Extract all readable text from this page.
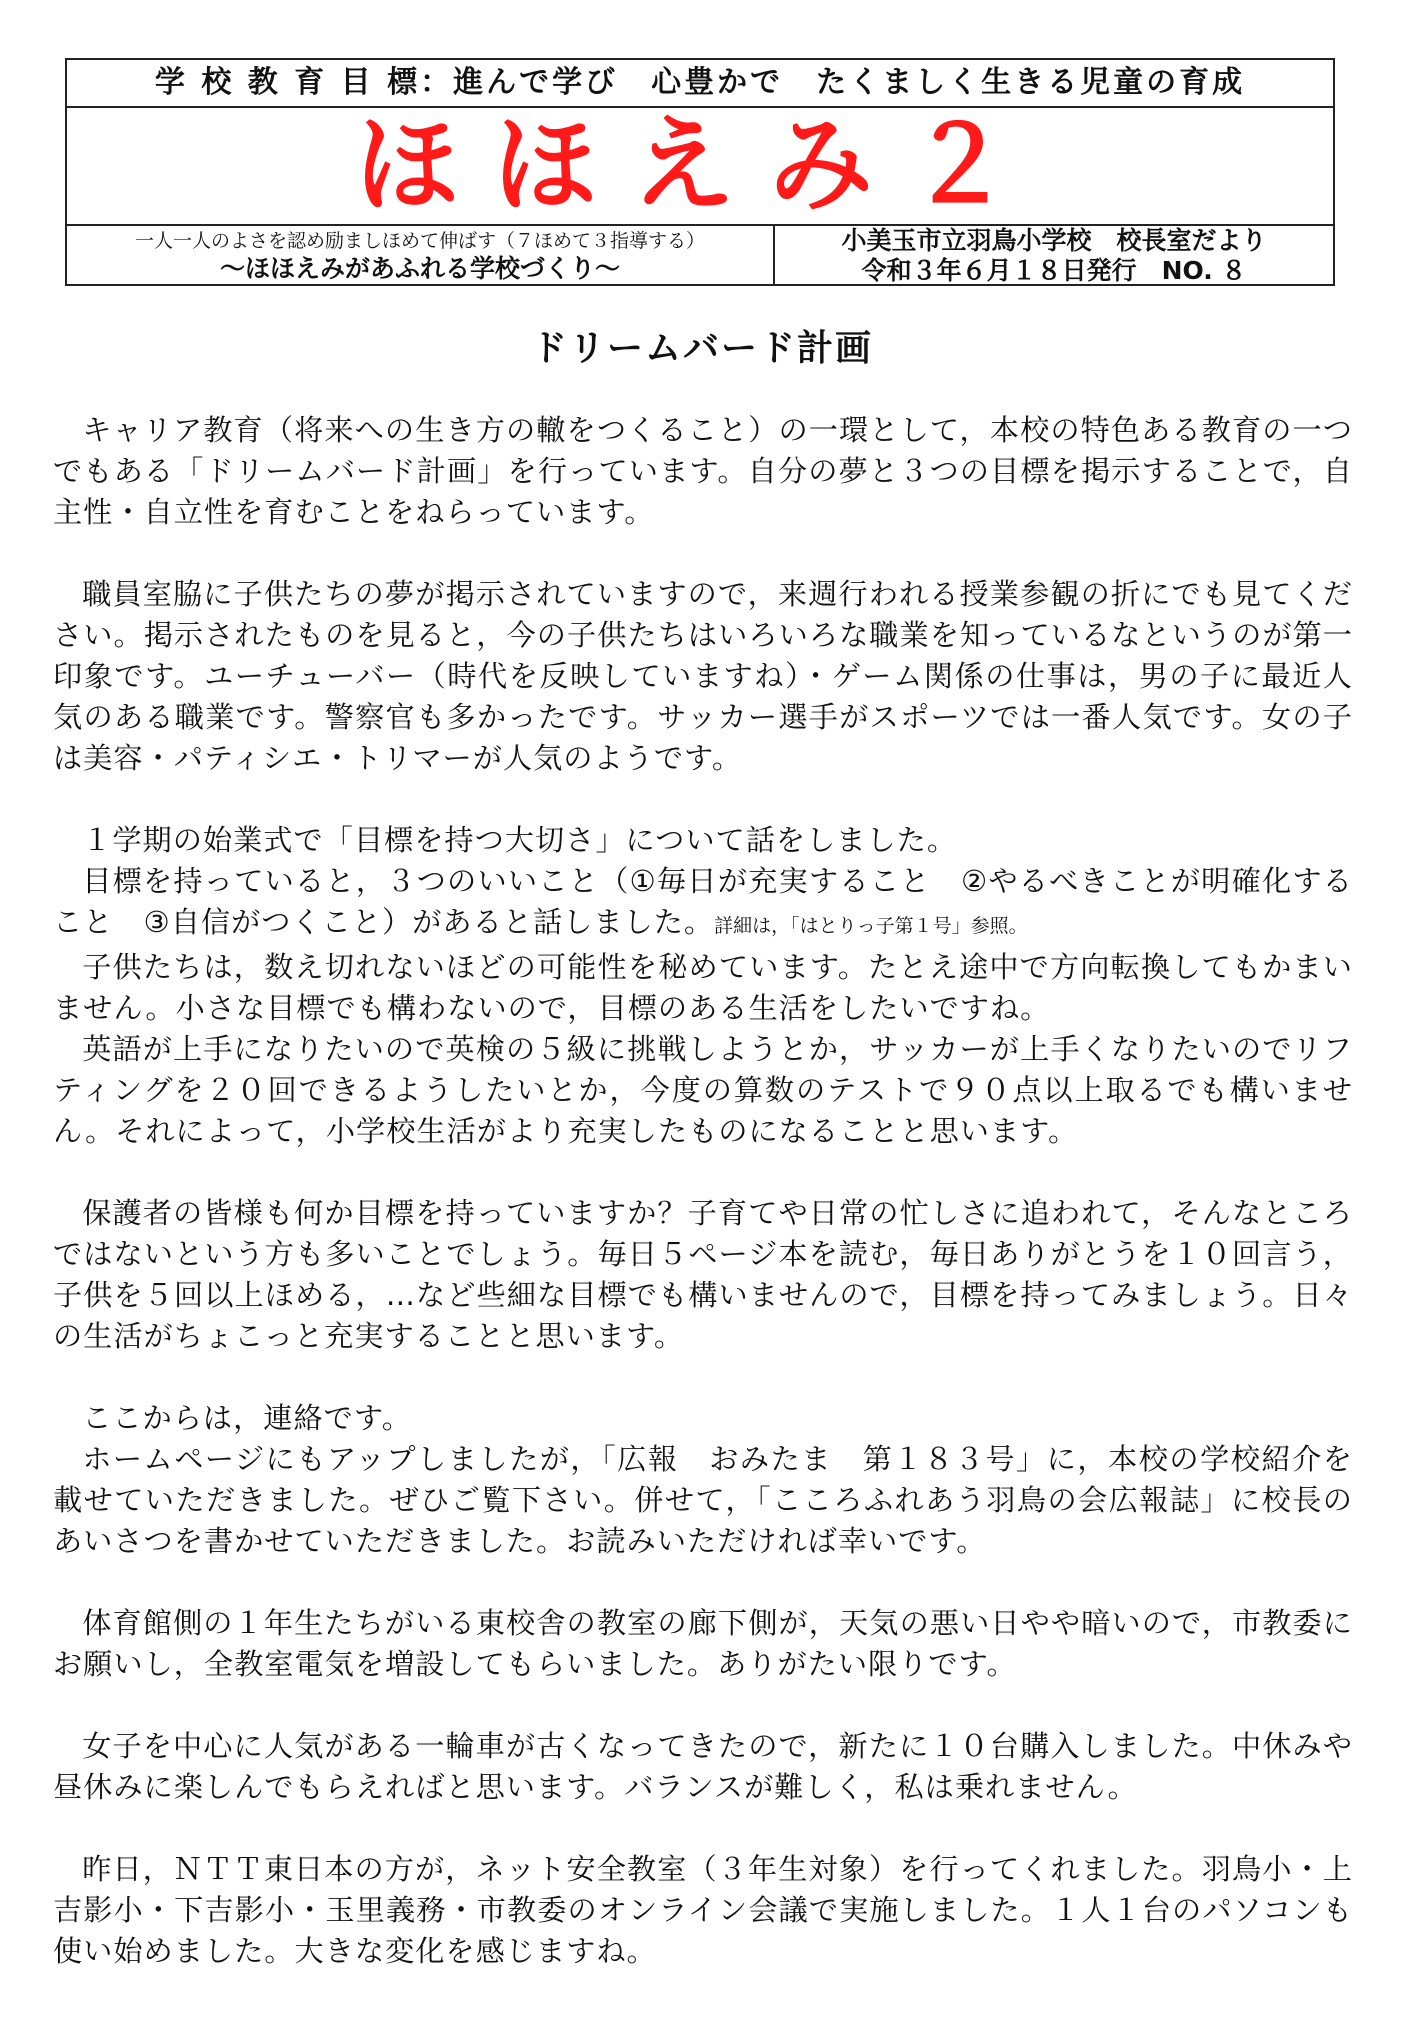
学 校 教 育 目 標：進んで学び　心豊かで　たくましく生きる児童の育成
ほほえみ２
一人一人のよさを認め励ましほめて伸ばす（７ほめて３指導する）
～ほほえみがあふれる学校づくり～
小美玉市立羽鳥小学校　校長室だより
令和３年６月１８日発行　NO. ８
ドリームバード計画

キャリア教育（将来への生き方の轍をつくること）の一環として，本校の特色ある教育の一つでもある「ドリームバード計画」を行っています。自分の夢と３つの目標を掲示することで，自主性・自立性を育むことをねらっています。

職員室脇に子供たちの夢が掲示されていますので，来週行われる授業参観の折にでも見てください。掲示されたものを見ると，今の子供たちはいろいろな職業を知っているなというのが第一印象です。ユーチューバー（時代を反映していますね）・ゲーム関係の仕事は，男の子に最近人気のある職業です。警察官も多かったです。サッカー選手がスポーツでは一番人気です。女の子は美容・パティシエ・トリマーが人気のようです。

１学期の始業式で「目標を持つ大切さ」について話をしました。

目標を持っていると，３つのいいこと（①毎日が充実すること　②やるべきことが明確化すること　③自信がつくこと）があると話しました。詳細は，「はとりっ子第１号」参照。

子供たちは，数え切れないほどの可能性を秘めています。たとえ途中で方向転換してもかまいません。小さな目標でも構わないので，目標のある生活をしたいですね。

英語が上手になりたいので英検の５級に挑戦しようとか，サッカーが上手くなりたいのでリフティングを２０回できるようしたいとか，今度の算数のテストで９０点以上取るでも構いません。それによって，小学校生活がより充実したものになることと思います。

保護者の皆様も何か目標を持っていますか？子育てや日常の忙しさに追われて，そんなところではないという方も多いことでしょう。毎日５ページ本を読む，毎日ありがとうを１０回言う，子供を５回以上ほめる，…など些細な目標でも構いませんので，目標を持ってみましょう。日々の生活がちょこっと充実することと思います。

ここからは，連絡です。

ホームページにもアップしましたが，「広報　おみたま　第１８３号」に，本校の学校紹介を載せていただきました。ぜひご覧下さい。併せて，「こころふれあう羽鳥の会広報誌」に校長のあいさつを書かせていただきました。お読みいただければ幸いです。

体育館側の１年生たちがいる東校舎の教室の廊下側が，天気の悪い日やや暗いので，市教委にお願いし，全教室電気を増設してもらいました。ありがたい限りです。

女子を中心に人気がある一輪車が古くなってきたので，新たに１０台購入しました。中休みや昼休みに楽しんでもらえればと思います。バランスが難しく，私は乗れません。

昨日，ＮＴＴ東日本の方が，ネット安全教室（３年生対象）を行ってくれました。羽鳥小・上吉影小・下吉影小・玉里義務・市教委のオンライン会議で実施しました。１人１台のパソコンも使い始めました。大きな変化を感じますね。
